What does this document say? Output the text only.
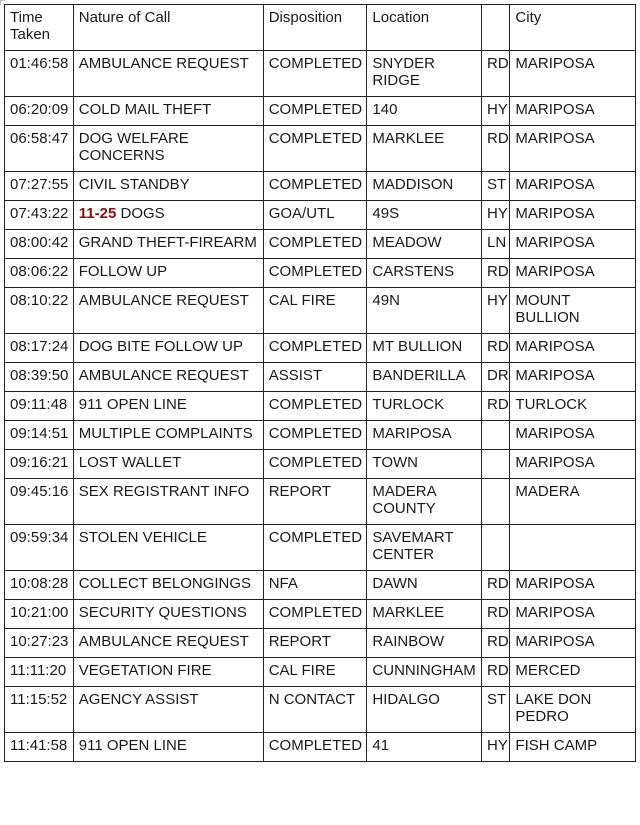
Time Taken	Nature of Call	Disposition	Location		City
01:46:58	AMBULANCE REQUEST	COMPLETED	SNYDER RIDGE	RD	MARIPOSA
06:20:09	COLD MAIL THEFT	COMPLETED	140	HY	MARIPOSA
06:58:47	DOG WELFARE CONCERNS	COMPLETED	MARKLEE	RD	MARIPOSA
07:27:55	CIVIL STANDBY	COMPLETED	MADDISON	ST	MARIPOSA
07:43:22	11-25 DOGS	GOA/UTL	49S	HY	MARIPOSA
08:00:42	GRAND THEFT-FIREARM	COMPLETED	MEADOW	LN	MARIPOSA
08:06:22	FOLLOW UP	COMPLETED	CARSTENS	RD	MARIPOSA
08:10:22	AMBULANCE REQUEST	CAL FIRE	49N	HY	MOUNT BULLION
08:17:24	DOG BITE FOLLOW UP	COMPLETED	MT BULLION	RD	MARIPOSA
08:39:50	AMBULANCE REQUEST	ASSIST	BANDERILLA	DR	MARIPOSA
09:11:48	911 OPEN LINE	COMPLETED	TURLOCK	RD	TURLOCK
09:14:51	MULTIPLE COMPLAINTS	COMPLETED	MARIPOSA		MARIPOSA
09:16:21	LOST WALLET	COMPLETED	TOWN		MARIPOSA
09:45:16	SEX REGISTRANT INFO	REPORT	MADERA COUNTY		MADERA
09:59:34	STOLEN VEHICLE	COMPLETED	SAVEMART CENTER		
10:08:28	COLLECT BELONGINGS	NFA	DAWN	RD	MARIPOSA
10:21:00	SECURITY QUESTIONS	COMPLETED	MARKLEE	RD	MARIPOSA
10:27:23	AMBULANCE REQUEST	REPORT	RAINBOW	RD	MARIPOSA
11:11:20	VEGETATION FIRE	CAL FIRE	CUNNINGHAM	RD	MERCED
11:15:52	AGENCY ASSIST	N CONTACT	HIDALGO	ST	LAKE DON PEDRO
11:41:58	911 OPEN LINE	COMPLETED	41	HY	FISH CAMP
